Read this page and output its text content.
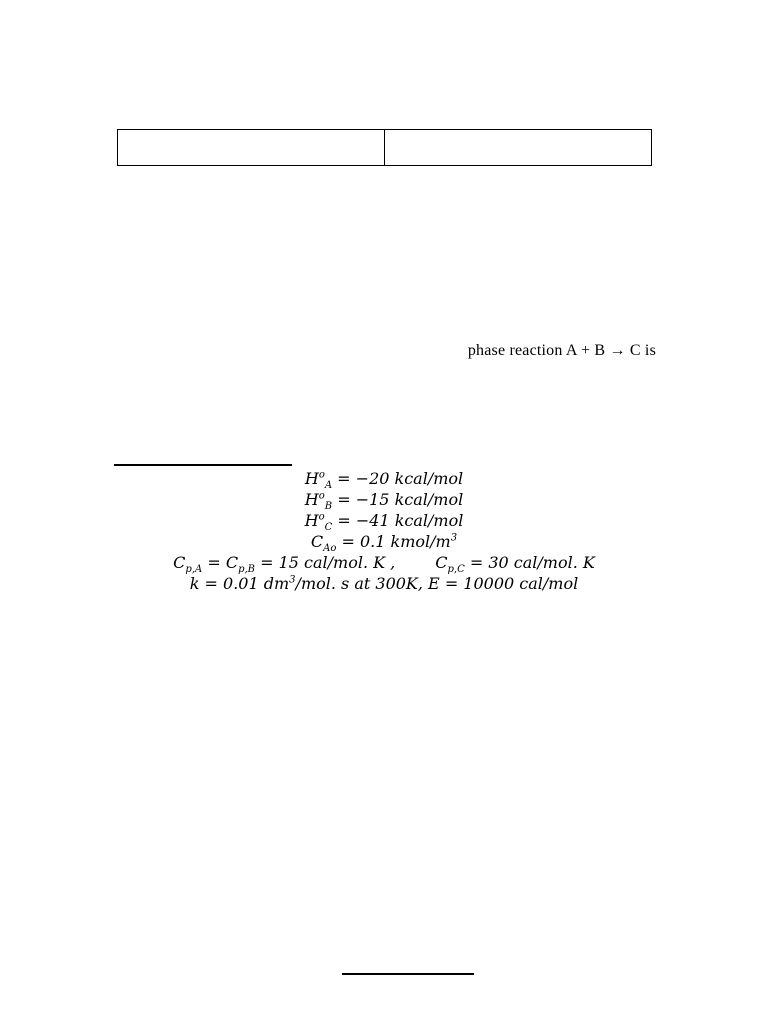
phase reaction A + B → C is
$H^o_A = -20$ kcal/mol
$H^o_B = -15$ kcal/mol
$H^o_C = -41$ kcal/mol
$C_{Ao} = 0.1$ kmol/$m^3$
$C_{p,A} = C_{p,B} = 15$ cal/mol. K ,	$C_{p,C} = 30$ cal/mol. K
k = 0.01 $dm^3$/mol. s at 300K, E = 10000 cal/mol
